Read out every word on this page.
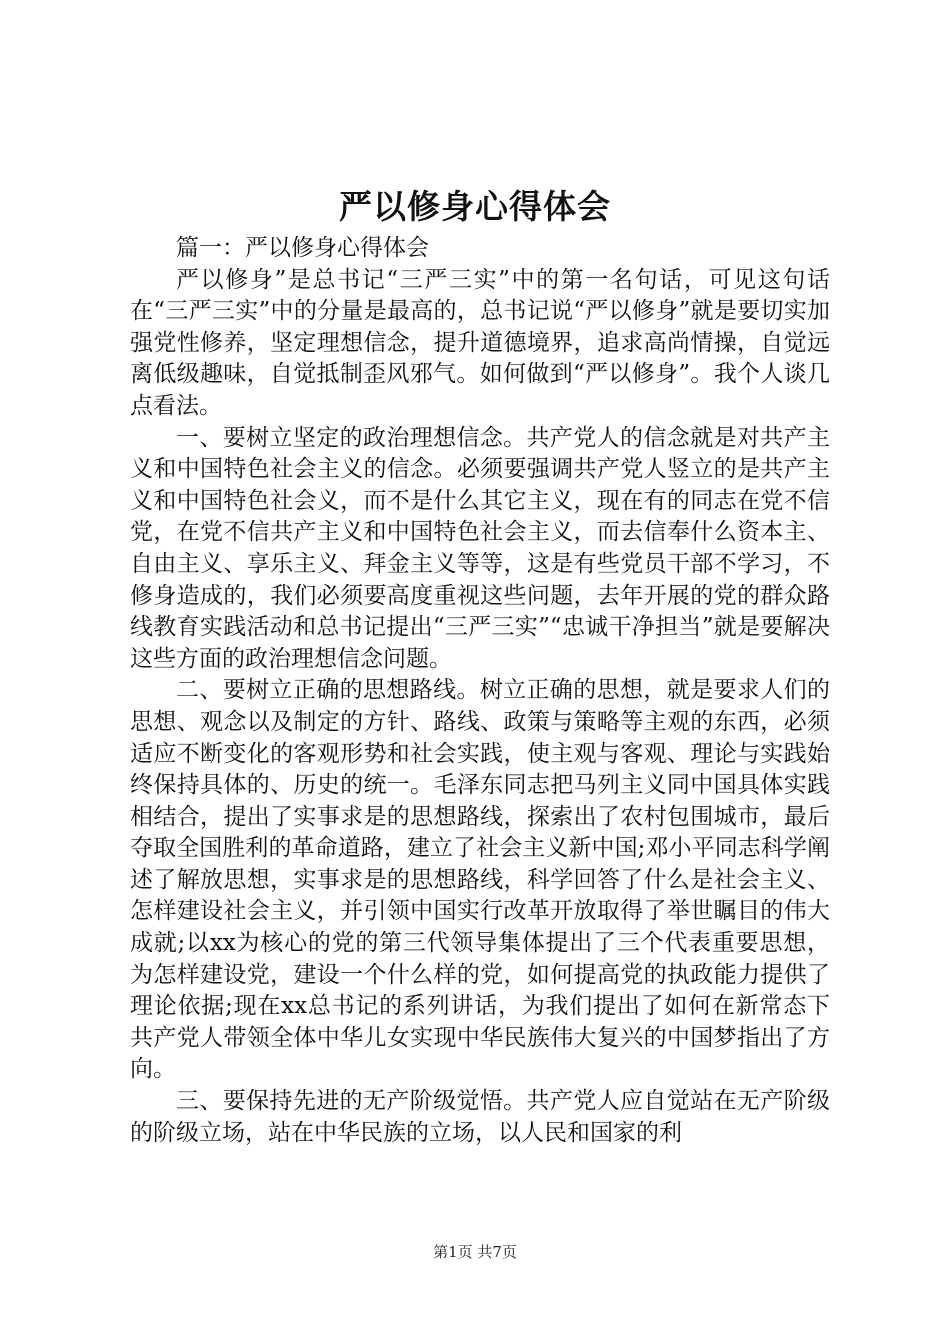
严以修身心得体会

篇一：严以修身心得体会

严以修身”是总书记“三严三实”中的第一名句话，可见这句话在“三严三实”中的分量是最高的，总书记说“严以修身”就是要切实加强党性修养，坚定理想信念，提升道德境界，追求高尚情操，自觉远离低级趣味，自觉抵制歪风邪气。如何做到“严以修身”。我个人谈几点看法。

一、要树立坚定的政治理想信念。共产党人的信念就是对共产主义和中国特色社会主义的信念。必须要强调共产党人竖立的是共产主义和中国特色社会义，而不是什么其它主义，现在有的同志在党不信党，在党不信共产主义和中国特色社会主义，而去信奉什么资本主、自由主义、享乐主义、拜金主义等等，这是有些党员干部不学习，不修身造成的，我们必须要高度重视这些问题，去年开展的党的群众路线教育实践活动和总书记提出“三严三实”“忠诚干净担当”就是要解决这些方面的政治理想信念问题。

二、要树立正确的思想路线。树立正确的思想，就是要求人们的思想、观念以及制定的方针、路线、政策与策略等主观的东西，必须适应不断变化的客观形势和社会实践，使主观与客观、理论与实践始终保持具体的、历史的统一。毛泽东同志把马列主义同中国具体实践相结合，提出了实事求是的思想路线，探索出了农村包围城市，最后夺取全国胜利的革命道路，建立了社会主义新中国;邓小平同志科学阐述了解放思想，实事求是的思想路线，科学回答了什么是社会主义、怎样建设社会主义，并引领中国实行改革开放取得了举世瞩目的伟大成就;以xx为核心的党的第三代领导集体提出了三个代表重要思想，为怎样建设党，建设一个什么样的党，如何提高党的执政能力提供了理论依据;现在xx总书记的系列讲话，为我们提出了如何在新常态下共产党人带领全体中华儿女实现中华民族伟大复兴的中国梦指出了方向。

三、要保持先进的无产阶级觉悟。共产党人应自觉站在无产阶级的阶级立场，站在中华民族的立场，以人民和国家的利

第1页 共7页
